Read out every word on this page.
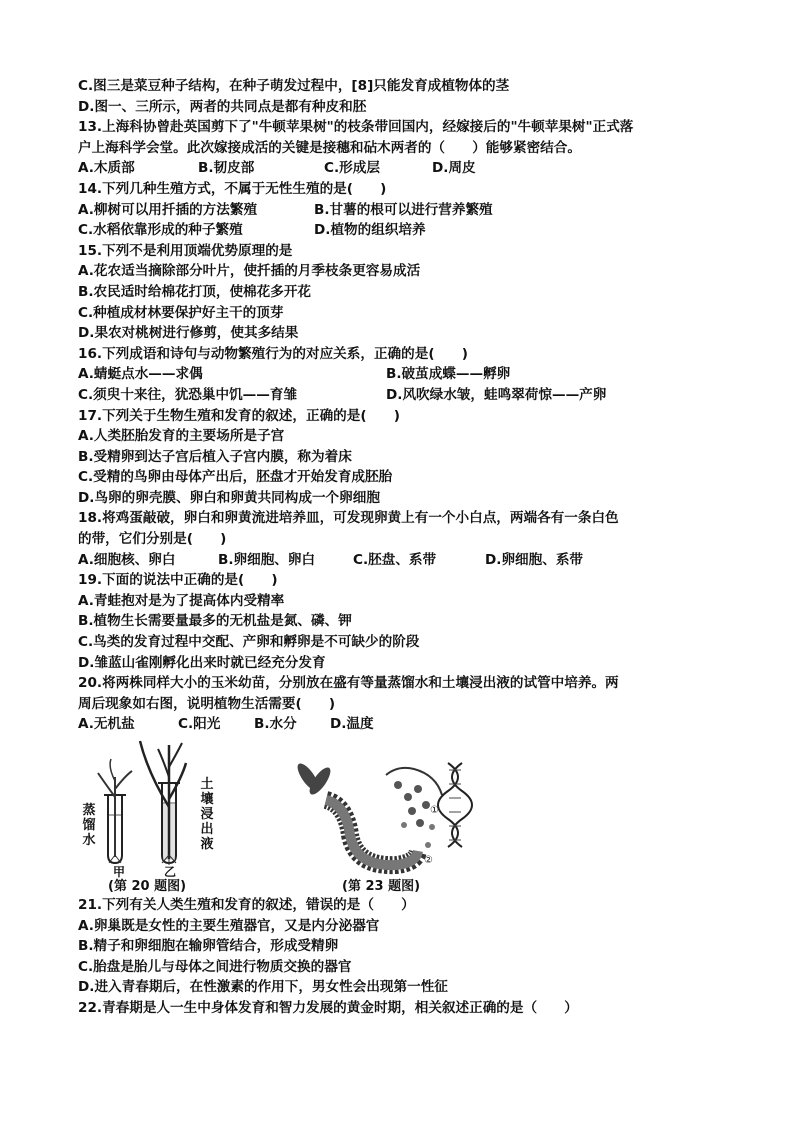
C.图三是菜豆种子结构，在种子萌发过程中，[8]只能发育成植物体的茎
D.图一、三所示，两者的共同点是都有种皮和胚
13.上海科协曾赴英国剪下了"牛顿苹果树"的枝条带回国内，经嫁接后的"牛顿苹果树"正式落
户上海科学会堂。此次嫁接成活的关键是接穗和砧木两者的（　　）能够紧密结合。
A.木质部	B.韧皮部	C.形成层	D.周皮
14.下列几种生殖方式，不属于无性生殖的是(　　)
A.柳树可以用扦插的方法繁殖	B.甘薯的根可以进行营养繁殖
C.水稻依靠形成的种子繁殖	D.植物的组织培养
15.下列不是利用顶端优势原理的是
A.花农适当摘除部分叶片，使扦插的月季枝条更容易成活
B.农民适时给棉花打顶，使棉花多开花
C.种植成材林要保护好主干的顶芽
D.果农对桃树进行修剪，使其多结果
16.下列成语和诗句与动物繁殖行为的对应关系，正确的是(　　)
A.蜻蜓点水——求偶	B.破茧成蝶——孵卵
C.须臾十来往，犹恐巢中饥——育雏	D.风吹绿水皱，蛙鸣翠荷惊——产卵
17.下列关于生物生殖和发育的叙述，正确的是(　　)
A.人类胚胎发育的主要场所是子宫
B.受精卵到达子宫后植入子宫内膜，称为着床
C.受精的鸟卵由母体产出后，胚盘才开始发育成胚胎
D.鸟卵的卵壳膜、卵白和卵黄共同构成一个卵细胞
18.将鸡蛋敲破，卵白和卵黄流进培养皿，可发现卵黄上有一个小白点，两端各有一条白色
的带，它们分别是(　　)
A.细胞核、卵白	B.卵细胞、卵白	C.胚盘、系带	D.卵细胞、系带
19.下面的说法中正确的是(　　)
A.青蛙抱对是为了提高体内受精率
B.植物生长需要量最多的无机盐是氮、磷、钾
C.鸟类的发育过程中交配、产卵和孵卵是不可缺少的阶段
D.雏蓝山雀刚孵化出来时就已经充分发育
20.将两株同样大小的玉米幼苗，分别放在盛有等量蒸馏水和土壤浸出液的试管中培养。两
周后现象如右图，说明植物生活需要(　　)
A.无机盐	C.阳光	B.水分	D.温度
蒸馏水
土壤浸出液
甲	乙
①
②
(第 20 题图)	(第 23 题图)
21.下列有关人类生殖和发育的叙述，错误的是（　　）
A.卵巢既是女性的主要生殖器官，又是内分泌器官
B.精子和卵细胞在输卵管结合，形成受精卵
C.胎盘是胎儿与母体之间进行物质交换的器官
D.进入青春期后，在性激素的作用下，男女性会出现第一性征
22.青春期是人一生中身体发育和智力发展的黄金时期，相关叙述正确的是（　　）
